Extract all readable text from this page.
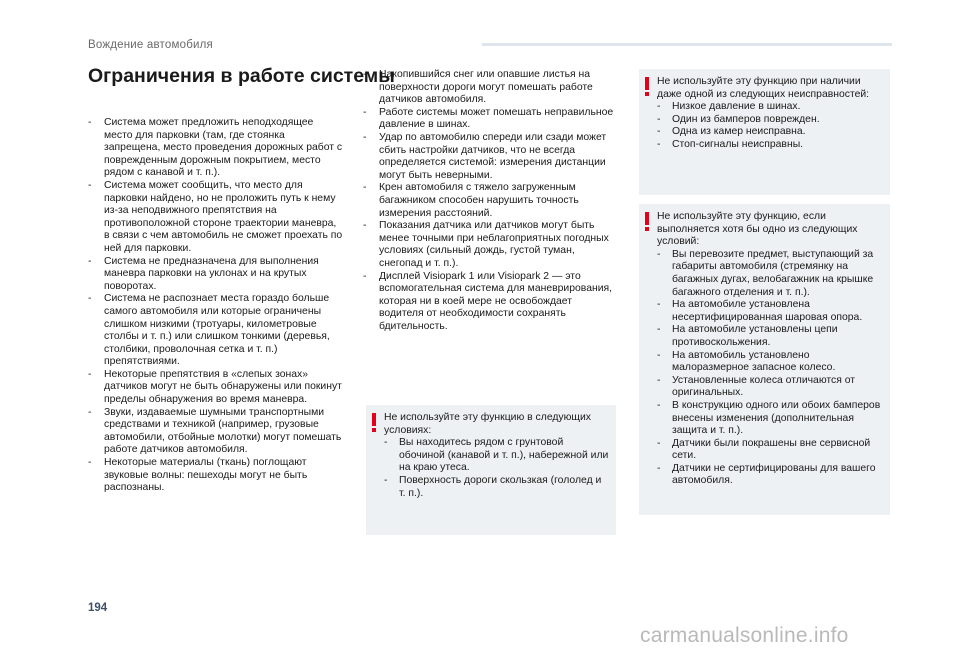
Вождение автомобиля
Ограничения в работе системы
- Система может предложить неподходящее место для парковки (там, где стоянка запрещена, место проведения дорожных работ с поврежденным дорожным покрытием, место рядом с канавой и т. п.).
- Система может сообщить, что место для парковки найдено, но не проложить путь к нему из-за неподвижного препятствия на противоположной стороне траектории маневра, в связи с чем автомобиль не сможет проехать по ней для парковки.
- Система не предназначена для выполнения маневра парковки на уклонах и на крутых поворотах.
- Система не распознает места гораздо больше самого автомобиля или которые ограничены слишком низкими (тротуары, километровые столбы и т. п.) или слишком тонкими (деревья, столбики, проволочная сетка и т. п.) препятствиями.
- Некоторые препятствия в «слепых зонах» датчиков могут не быть обнаружены или покинут пределы обнаружения во время маневра.
- Звуки, издаваемые шумными транспортными средствами и техникой (например, грузовые автомобили, отбойные молотки) могут помешать работе датчиков автомобиля.
- Некоторые материалы (ткань) поглощают звуковые волны: пешеходы могут не быть распознаны.
- Накопившийся снег или опавшие листья на поверхности дороги могут помешать работе датчиков автомобиля.
- Работе системы может помешать неправильное давление в шинах.
- Удар по автомобилю спереди или сзади может сбить настройки датчиков, что не всегда определяется системой: измерения дистанции могут быть неверными.
- Крен автомобиля с тяжело загруженным багажником способен нарушить точность измерения расстояний.
- Показания датчика или датчиков могут быть менее точными при неблагоприятных погодных условиях (сильный дождь, густой туман, снегопад и т. п.).
- Дисплей Visiopark 1 или Visiopark 2 — это вспомогательная система для маневрирования, которая ни в коей мере не освобождает водителя от необходимости сохранять бдительность.
Не используйте эту функцию в следующих условиях:
- Вы находитесь рядом с грунтовой обочиной (канавой и т. п.), набережной или на краю утеса.
- Поверхность дороги скользкая (гололед и т. п.).
Не используйте эту функцию при наличии даже одной из следующих неисправностей:
- Низкое давление в шинах.
- Один из бамперов поврежден.
- Одна из камер неисправна.
- Стоп-сигналы неисправны.
Не используйте эту функцию, если выполняется хотя бы одно из следующих условий:
- Вы перевозите предмет, выступающий за габариты автомобиля (стремянку на багажных дугах, велобагажник на крышке багажного отделения и т. п.).
- На автомобиле установлена несертифицированная шаровая опора.
- На автомобиле установлены цепи противоскольжения.
- На автомобиль установлено малоразмерное запасное колесо.
- Установленные колеса отличаются от оригинальных.
- В конструкцию одного или обоих бамперов внесены изменения (дополнительная защита и т. п.).
- Датчики были покрашены вне сервисной сети.
- Датчики не сертифицированы для вашего автомобиля.
194
carmanualsonline.info
